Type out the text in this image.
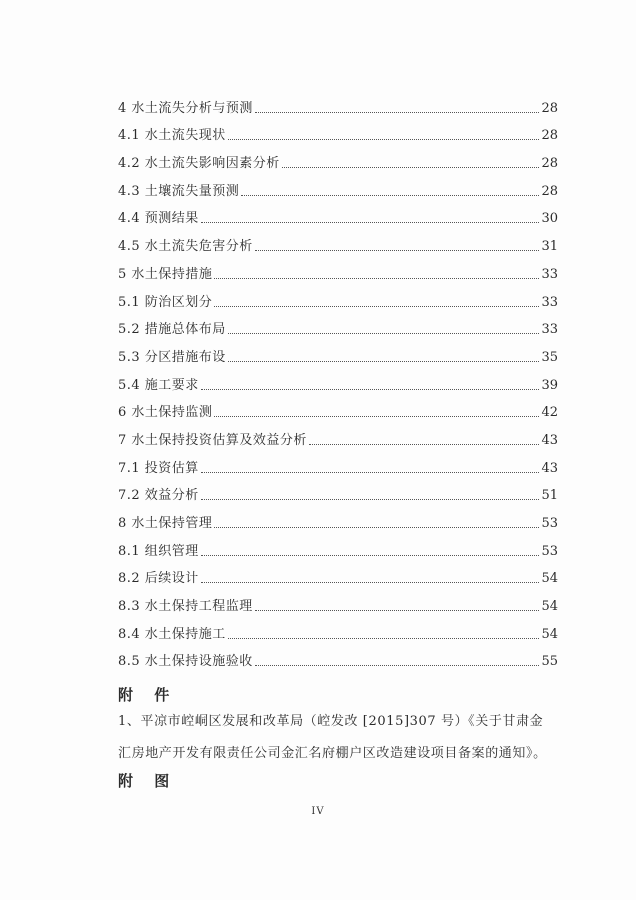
4 水土流失分析与预测	28
4.1 水土流失现状	28
4.2 水土流失影响因素分析	28
4.3 土壤流失量预测	28
4.4 预测结果	30
4.5 水土流失危害分析	31
5 水土保持措施	33
5.1 防治区划分	33
5.2 措施总体布局	33
5.3 分区措施布设	35
5.4 施工要求	39
6 水土保持监测	42
7 水土保持投资估算及效益分析	43
7.1 投资估算	43
7.2 效益分析	51
8 水土保持管理	53
8.1 组织管理	53
8.2 后续设计	54
8.3 水土保持工程监理	54
8.4 水土保持施工	54
8.5 水土保持设施验收	55
附 件

1、平凉市崆峒区发展和改革局（崆发改 [2015]307 号）《关于甘肃金

汇房地产开发有限责任公司金汇名府棚户区改造建设项目备案的通知》。

附 图
IV
